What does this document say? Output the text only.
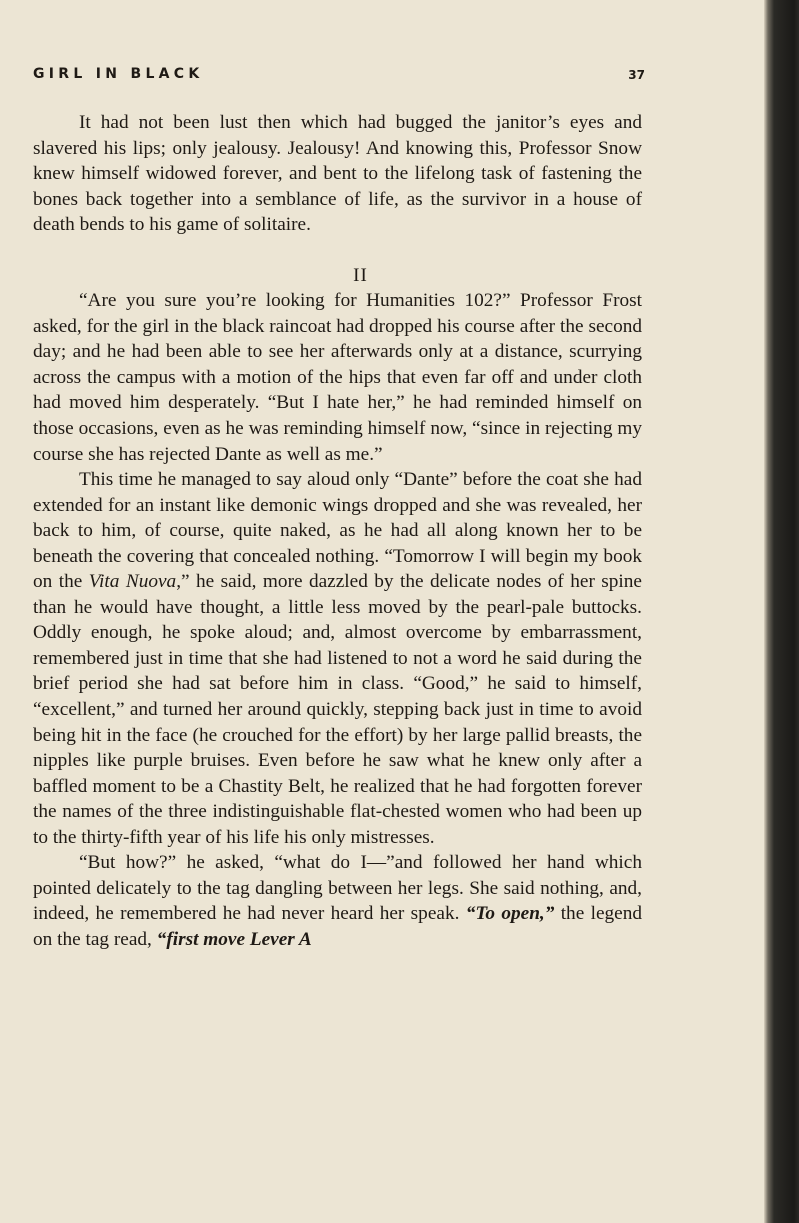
GIRL IN BLACK	37

It had not been lust then which had bugged the janitor’s eyes and slavered his lips; only jealousy. Jealousy! And knowing this, Professor Snow knew himself widowed forever, and bent to the lifelong task of fastening the bones back together into a semblance of life, as the survivor in a house of death bends to his game of solitaire.

II

“Are you sure you’re looking for Humanities 102?” Professor Frost asked, for the girl in the black raincoat had dropped his course after the second day; and he had been able to see her afterwards only at a distance, scurrying across the campus with a motion of the hips that even far off and under cloth had moved him desperately. “But I hate her,” he had reminded himself on those occasions, even as he was reminding himself now, “since in rejecting my course she has rejected Dante as well as me.”

This time he managed to say aloud only “Dante” before the coat she had extended for an instant like demonic wings dropped and she was revealed, her back to him, of course, quite naked, as he had all along known her to be beneath the covering that concealed nothing. “Tomorrow I will begin my book on the Vita Nuova,” he said, more dazzled by the delicate nodes of her spine than he would have thought, a little less moved by the pearl-pale buttocks. Oddly enough, he spoke aloud; and, almost overcome by embarrassment, remembered just in time that she had listened to not a word he said during the brief period she had sat before him in class. “Good,” he said to himself, “excellent,” and turned her around quickly, stepping back just in time to avoid being hit in the face (he crouched for the effort) by her large pallid breasts, the nipples like purple bruises. Even before he saw what he knew only after a baffled moment to be a Chastity Belt, he realized that he had forgotten forever the names of the three indistinguishable flat-chested women who had been up to the thirty-fifth year of his life his only mistresses.

“But how?” he asked, “what do I—”and followed her hand which pointed delicately to the tag dangling between her legs. She said nothing, and, indeed, he remembered he had never heard her speak. “To open,” the legend on the tag read, “first move Lever A
